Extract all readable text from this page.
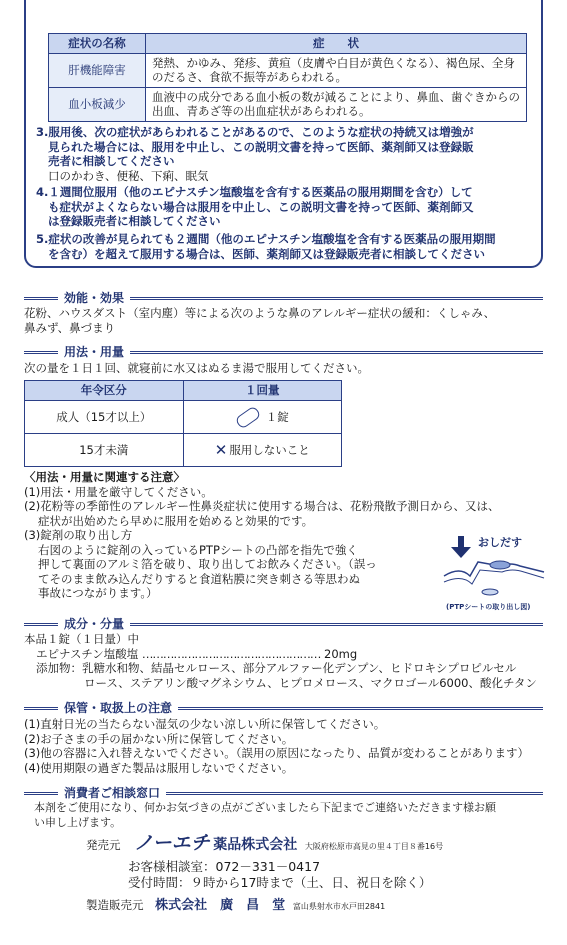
症状の名称	症　　状
肝機能障害	発熱、かゆみ、発疹、黄疸（皮膚や白目が黄色くなる）、褐色尿、全身のだるさ、食欲不振等があらわれる。
血小板減少	血液中の成分である血小板の数が減ることにより、鼻血、歯ぐきからの出血、青あざ等の出血症状があらわれる。
3.服用後、次の症状があらわれることがあるので、このような症状の持続又は増強が
見られた場合には、服用を中止し、この説明文書を持って医師、薬剤師又は登録販
売者に相談してください
口のかわき、便秘、下痢、眠気
4.１週間位服用（他のエピナスチン塩酸塩を含有する医薬品の服用期間を含む）して
も症状がよくならない場合は服用を中止し、この説明文書を持って医師、薬剤師又
は登録販売者に相談してください
5.症状の改善が見られても２週間（他のエピナスチン塩酸塩を含有する医薬品の服用期間
を含む）を超えて服用する場合は、医師、薬剤師又は登録販売者に相談してください
効能・効果
花粉、ハウスダスト（室内塵）等による次のような鼻のアレルギー症状の緩和：くしゃみ、
鼻みず、鼻づまり
用法・用量
次の量を１日１回、就寝前に水又はぬるま湯で服用してください。
年令区分	１回量
成人（15才以上）	１錠
15才未満	✕ 服用しないこと
〈用法・用量に関連する注意〉
(1)用法・用量を厳守してください。
(2)花粉等の季節性のアレルギー性鼻炎症状に使用する場合は、花粉飛散予測日から、又は、
症状が出始めたら早めに服用を始めると効果的です。
(3)錠剤の取り出し方
右図のように錠剤の入っているPTPシートの凸部を指先で強く
押して裏面のアルミ箔を破り、取り出してお飲みください。（誤っ
てそのまま飲み込んだりすると食道粘膜に突き刺さる等思わぬ
事故につながります。）
おしだす
(PTPシートの取り出し図)
成分・分量
本品１錠（１日量）中
エピナスチン塩酸塩 …………………………………………… 20mg
添加物：乳糖水和物、結晶セルロース、部分アルファー化デンプン、ヒドロキシプロピルセル
ロース、ステアリン酸マグネシウム、ヒプロメロース、マクロゴール6000、酸化チタン
保管・取扱上の注意
(1)直射日光の当たらない湿気の少ない涼しい所に保管してください。
(2)お子さまの手の届かない所に保管してください。
(3)他の容器に入れ替えないでください。（誤用の原因になったり、品質が変わることがあります）
(4)使用期限の過ぎた製品は服用しないでください。
消費者ご相談窓口
本剤をご使用になり、何かお気づきの点がございましたら下記までご連絡いただきます様お願
い申し上げます。
発売元 ノーエチ 薬品株式会社 大阪府松原市高見の里４丁目８番16号
お客様相談室：072－331－0417
受付時間：９時から17時まで（土、日、祝日を除く）
製造販売元 株式会社　廣　昌　堂 富山県射水市水戸田2841
